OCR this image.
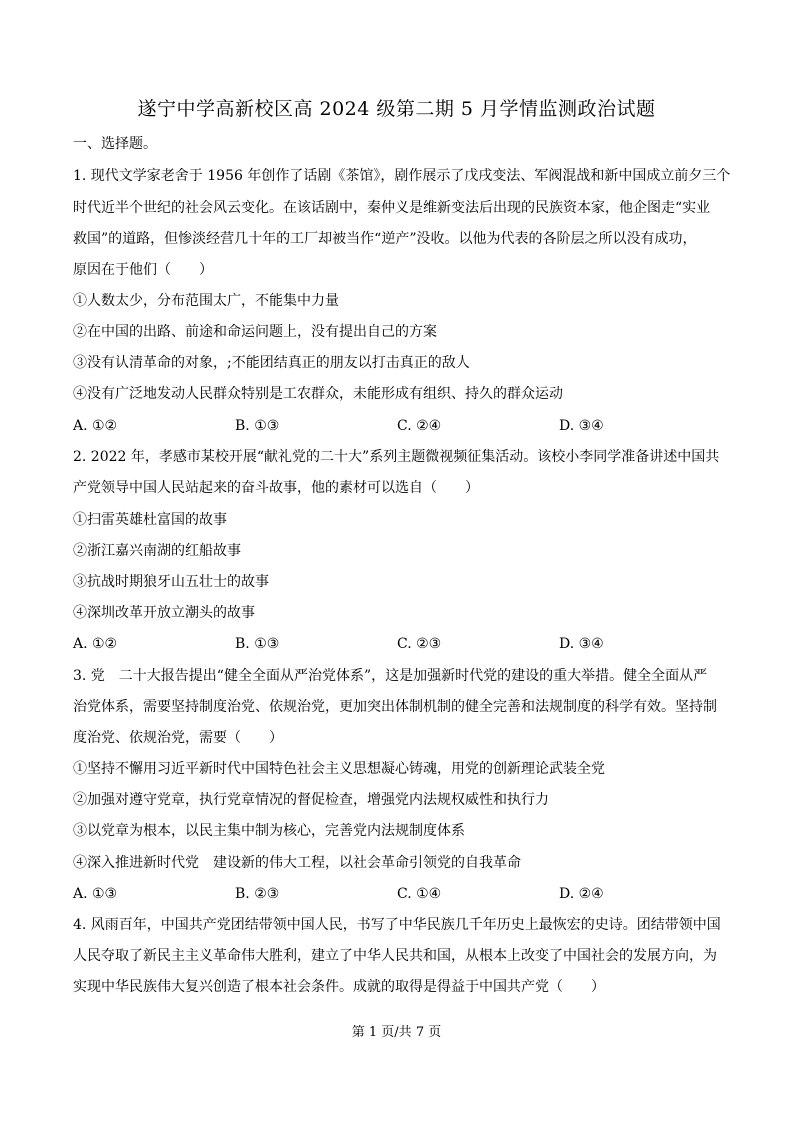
遂宁中学高新校区高 2024 级第二期 5 月学情监测政治试题
一、选择题。
1. 现代文学家老舍于 1956 年创作了话剧《茶馆》，剧作展示了戊戌变法、军阀混战和新中国成立前夕三个
时代近半个世纪的社会风云变化。在该话剧中，秦仲义是维新变法后出现的民族资本家，他企图走“实业
救国”的道路，但惨淡经营几十年的工厂却被当作“逆产”没收。以他为代表的各阶层之所以没有成功，
原因在于他们（　　）
①人数太少，分布范围太广，不能集中力量
②在中国的出路、前途和命运问题上，没有提出自己的方案
③没有认清革命的对象，;不能团结真正的朋友以打击真正的敌人
④没有广泛地发动人民群众特别是工农群众，未能形成有组织、持久的群众运动
A. ①②	B. ①③	C. ②④	D. ③④
2. 2022 年，孝感市某校开展“献礼党的二十大”系列主题微视频征集活动。该校小李同学准备讲述中国共
产党领导中国人民站起来的奋斗故事，他的素材可以选自（　　）
①扫雷英雄杜富国的故事
②浙江嘉兴南湖的红船故事
③抗战时期狼牙山五壮士的故事
④深圳改革开放立潮头的故事
A. ①②	B. ①③	C. ②③	D. ③④
3. 党　二十大报告提出“健全全面从严治党体系”，这是加强新时代党的建设的重大举措。健全全面从严
治党体系，需要坚持制度治党、依规治党，更加突出体制机制的健全完善和法规制度的科学有效。坚持制
度治党、依规治党，需要（　　）
①坚持不懈用习近平新时代中国特色社会主义思想凝心铸魂，用党的创新理论武装全党
②加强对遵守党章，执行党章情况的督促检查，增强党内法规权威性和执行力
③以党章为根本，以民主集中制为核心，完善党内法规制度体系
④深入推进新时代党　建设新的伟大工程，以社会革命引领党的自我革命
A. ①③	B. ②③	C. ①④	D. ②④
4. 风雨百年，中国共产党团结带领中国人民，书写了中华民族几千年历史上最恢宏的史诗。团结带领中国
人民夺取了新民主主义革命伟大胜利，建立了中华人民共和国，从根本上改变了中国社会的发展方向，为
实现中华民族伟大复兴创造了根本社会条件。成就的取得是得益于中国共产党（　　）
第 1 页/共 7 页
